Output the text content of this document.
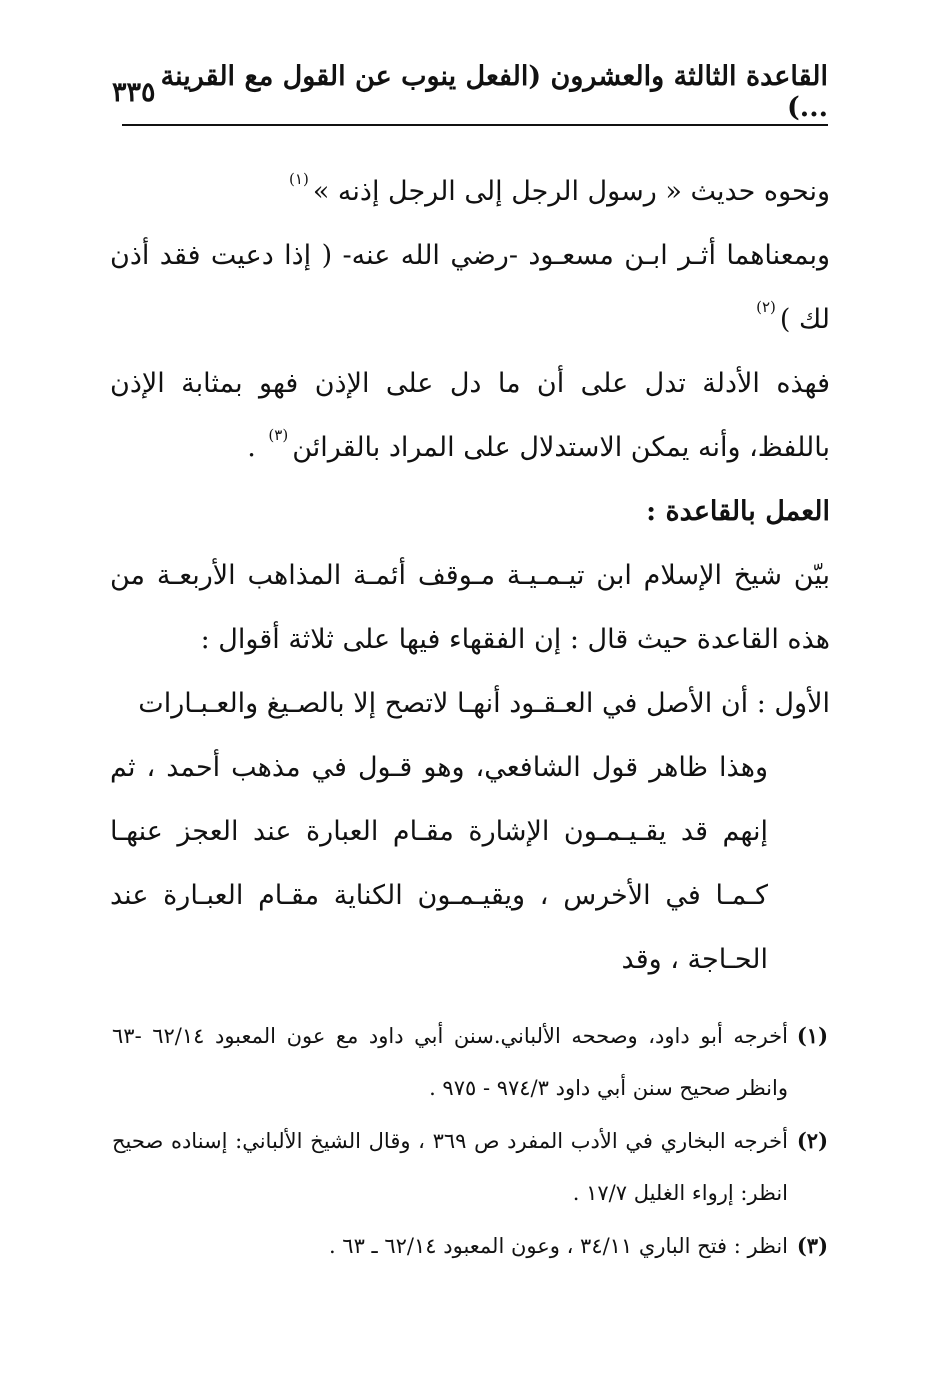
القاعدة الثالثة والعشرون (الفعل ينوب عن القول مع القرينة ...)
٣٣٥

ونحوه حديث « رسول الرجل إلى الرجل إذنه »$^{(١)}$

وبمعناهما أثـر ابـن مسعـود -رضي الله عنه- ( إذا دعيت فقد أذن لك )$^{(٢)}$

فهذه الأدلة تدل على أن ما دل على الإذن فهو بمثابة الإذن باللفظ، وأنه يمكن الاستدلال على المراد بالقرائن$^{(٣)}$ .

العمل بالقاعدة :

بيّن شيخ الإسلام ابن تيـمـيـة مـوقف أئمـة المذاهب الأربعـة من هذه القاعدة حيث قال : إن الفقهاء فيها على ثلاثة أقوال :

الأول : أن الأصل في العـقـود أنهـا لاتصح إلا بالصـيغ والعـبـارات

وهذا ظاهر قول الشافعي، وهو قـول في مذهب أحمد ، ثم إنهم قد يقـيـمـون الإشارة مقـام العبارة عند العجز عنهـا كـمـا في الأخرس ، ويقيـمـون الكناية مقـام العبـارة عند الحـاجة ، وقد

(١)
أخرجه أبو داود، وصححه الألباني.سنن أبي داود مع عون المعبود ٦٢/١٤ -٦٣ وانظر صحيح سنن أبي داود ٩٧٤/٣ - ٩٧٥ .
(٢)
أخرجه البخاري في الأدب المفرد ص ٣٦٩ ، وقال الشيخ الألباني: إسناده صحيح انظر: إرواء الغليل ١٧/٧ .
(٣)
انظر : فتح الباري ٣٤/١١ ، وعون المعبود ٦٢/١٤ ـ ٦٣ .
